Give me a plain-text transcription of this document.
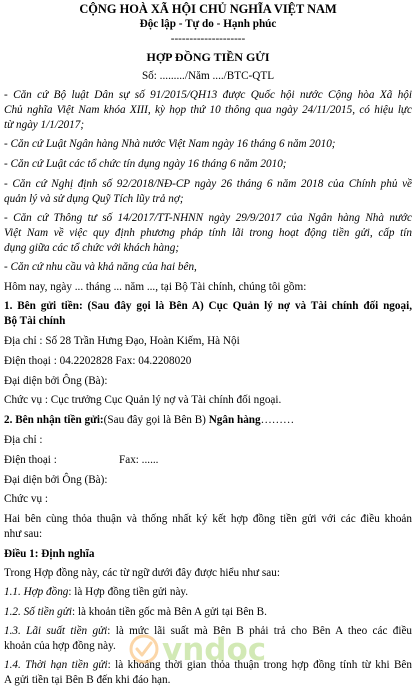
CỘNG HOÀ XÃ HỘI CHỦ NGHĨA VIỆT NAM
Độc lập - Tự do - Hạnh phúc
--------------------
HỢP ĐỒNG TIỀN GỬI
Số: ........./Năm ..../BTC-QTL
- Căn cứ Bộ luật Dân sự số 91/2015/QH13 được Quốc hội nước Cộng hòa Xã hội
Chủ nghĩa Việt Nam khóa XIII, kỳ họp thứ 10 thông qua ngày 24/11/2015, có hiệu lực
từ ngày 1/1/2017;
- Căn cứ Luật Ngân hàng Nhà nước Việt Nam ngày 16 tháng 6 năm 2010;
- Căn cứ Luật các tổ chức tín dụng ngày 16 tháng 6 năm 2010;
- Căn cứ Nghị định số 92/2018/NĐ-CP ngày 26 tháng 6 năm 2018 của Chính phủ về
quản lý và sử dụng Quỹ Tích lũy trả nợ;
- Căn cứ Thông tư số 14/2017/TT-NHNN ngày 29/9/2017 của Ngân hàng Nhà nước
Việt Nam về việc quy định phương pháp tính lãi trong hoạt động tiền gửi, cấp tín
dụng giữa các tổ chức với khách hàng;
- Căn cứ nhu cầu và khả năng của hai bên,
Hôm nay, ngày ... tháng ... năm ..., tại Bộ Tài chính, chúng tôi gồm:
1. Bên gửi tiền: (Sau đây gọi là Bên A) Cục Quản lý nợ và Tài chính đối ngoại,
Bộ Tài chính
Địa chỉ : Số 28 Trần Hưng Đạo, Hoàn Kiếm, Hà Nội
Điện thoại : 04.2202828 Fax: 04.2208020
Đại diện bởi Ông (Bà):
Chức vụ : Cục trưởng Cục Quản lý nợ và Tài chính đối ngoại.
2. Bên nhận tiền gửi:(Sau đây gọi là Bên B) Ngân hàng………
Địa chỉ :
Điện thoại :	Fax: ......
Đại diện bởi Ông (Bà):
Chức vụ :
Hai bên cùng thỏa thuận và thống nhất ký kết hợp đồng tiền gửi với các điều khoản
như sau:
Điều 1: Định nghĩa
Trong Hợp đồng này, các từ ngữ dưới đây được hiểu như sau:
1.1. Hợp đồng: là Hợp đồng tiền gửi này.
1.2. Số tiền gửi: là khoản tiền gốc mà Bên A gửi tại Bên B.
1.3. Lãi suất tiền gửi: là mức lãi suất mà Bên B phải trả cho Bên A theo các điều
khoản của hợp đồng này.
1.4. Thời hạn tiền gửi: là khoảng thời gian thỏa thuận trong hợp đồng tính từ khi Bên
A gửi tiền tại Bên B đến khi đáo hạn.
vndoc
